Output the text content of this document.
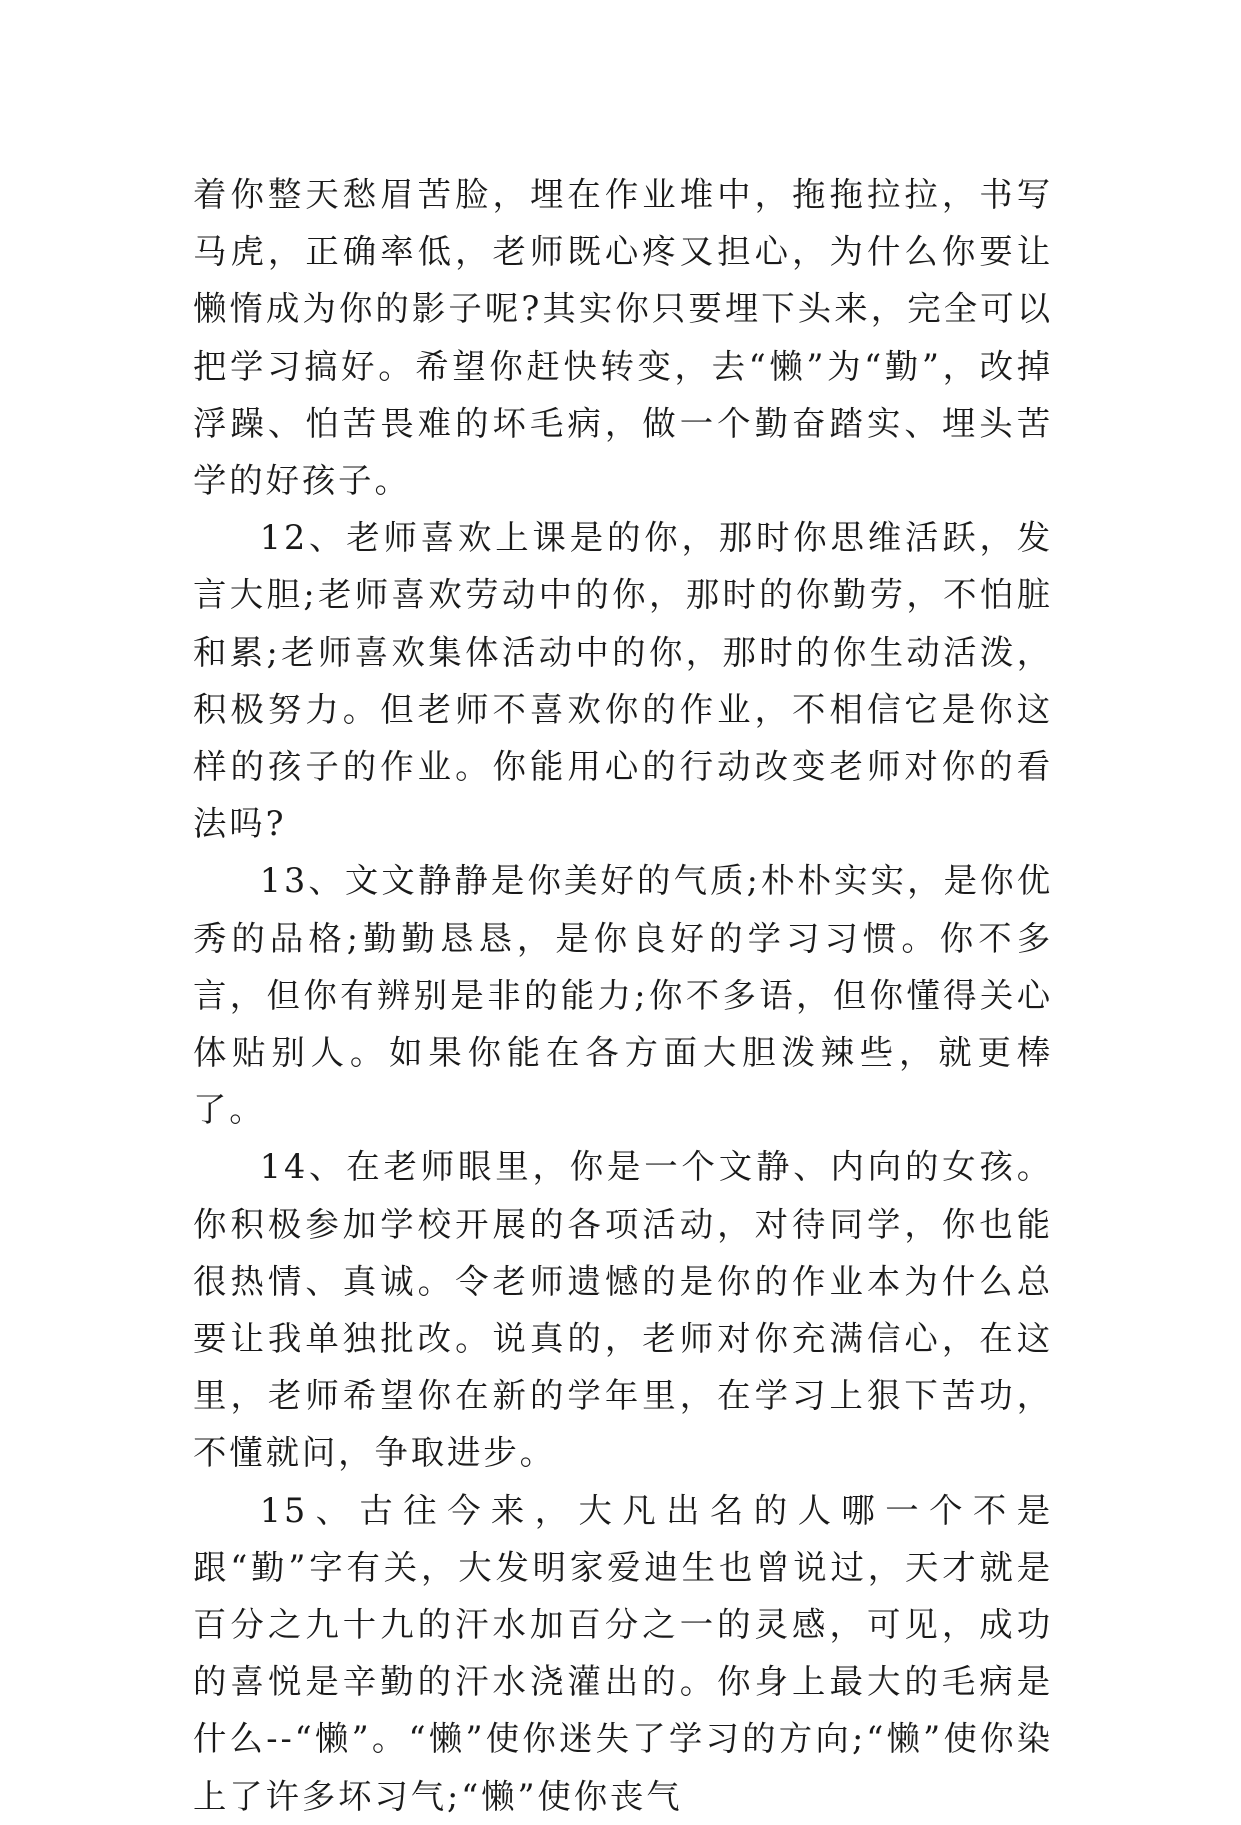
着你整天愁眉苦脸，埋在作业堆中，拖拖拉拉，书写马虎，正确率低，老师既心疼又担心，为什么你要让懒惰成为你的影子呢?其实你只要埋下头来，完全可以把学习搞好。希望你赶快转变，去“懒”为“勤”，改掉浮躁、怕苦畏难的坏毛病，做一个勤奋踏实、埋头苦学的好孩子。

12、老师喜欢上课是的你，那时你思维活跃，发言大胆;老师喜欢劳动中的你，那时的你勤劳，不怕脏和累;老师喜欢集体活动中的你，那时的你生动活泼，积极努力。但老师不喜欢你的作业，不相信它是你这样的孩子的作业。你能用心的行动改变老师对你的看法吗?

13、文文静静是你美好的气质;朴朴实实，是你优秀的品格;勤勤恳恳，是你良好的学习习惯。你不多言，但你有辨别是非的能力;你不多语，但你懂得关心体贴别人。如果你能在各方面大胆泼辣些，就更棒了。

14、在老师眼里，你是一个文静、内向的女孩。你积极参加学校开展的各项活动，对待同学，你也能很热情、真诚。令老师遗憾的是你的作业本为什么总要让我单独批改。说真的，老师对你充满信心，在这里，老师希望你在新的学年里，在学习上狠下苦功，不懂就问，争取进步。

15、古往今来，大凡出名的人哪一个不是跟“勤”字有关，大发明家爱迪生也曾说过，天才就是百分之九十九的汗水加百分之一的灵感，可见，成功的喜悦是辛勤的汗水浇灌出的。你身上最大的毛病是什么--“懒”。“懒”使你迷失了学习的方向;“懒”使你染上了许多坏习气;“懒”使你丧气
